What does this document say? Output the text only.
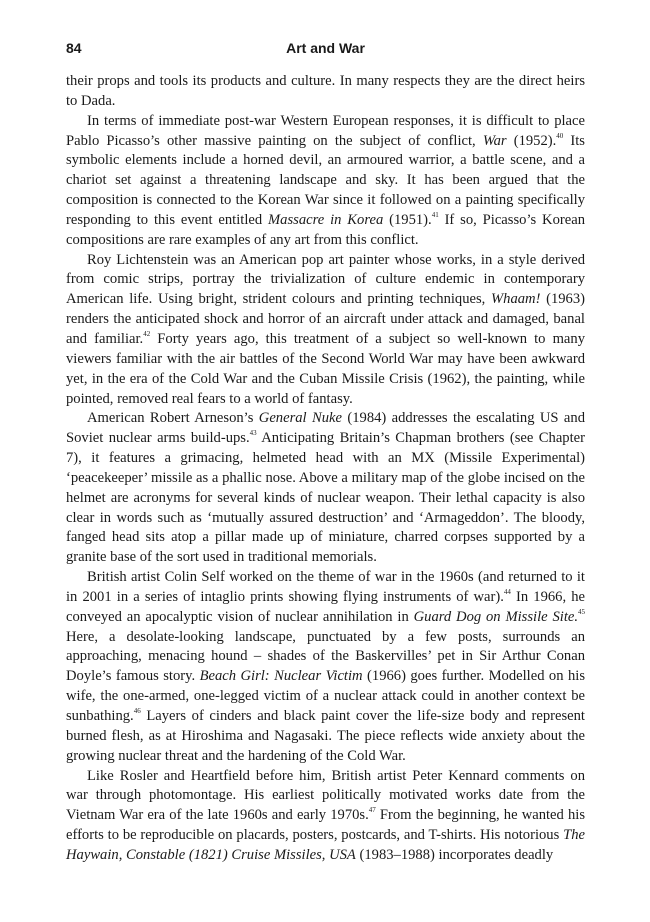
84	Art and War

their props and tools its products and culture. In many respects they are the direct heirs to Dada.

In terms of immediate post-war Western European responses, it is difficult to place Pablo Picasso’s other massive painting on the subject of conflict, War (1952).$^{40}$ Its symbolic elements include a horned devil, an armoured warrior, a battle scene, and a chariot set against a threatening landscape and sky. It has been argued that the composition is connected to the Korean War since it followed on a painting specifically responding to this event entitled Massacre in Korea (1951).$^{41}$ If so, Picasso’s Korean compositions are rare examples of any art from this conflict.

Roy Lichtenstein was an American pop art painter whose works, in a style derived from comic strips, portray the trivialization of culture endemic in contemporary American life. Using bright, strident colours and printing techniques, Whaam! (1963) renders the anticipated shock and horror of an aircraft under attack and damaged, banal and familiar.$^{42}$ Forty years ago, this treatment of a subject so well-known to many viewers familiar with the air battles of the Second World War may have been awkward yet, in the era of the Cold War and the Cuban Missile Crisis (1962), the painting, while pointed, removed real fears to a world of fantasy.

American Robert Arneson’s General Nuke (1984) addresses the escalating US and Soviet nuclear arms build-ups.$^{43}$ Anticipating Britain’s Chapman brothers (see Chapter 7), it features a grimacing, helmeted head with an MX (Missile Experimental) ‘peacekeeper’ missile as a phallic nose. Above a military map of the globe incised on the helmet are acronyms for several kinds of nuclear weapon. Their lethal capacity is also clear in words such as ‘mutually assured destruction’ and ‘Armageddon’. The bloody, fanged head sits atop a pillar made up of miniature, charred corpses supported by a granite base of the sort used in traditional memorials.

British artist Colin Self worked on the theme of war in the 1960s (and returned to it in 2001 in a series of intaglio prints showing flying instruments of war).$^{44}$ In 1966, he conveyed an apocalyptic vision of nuclear annihilation in Guard Dog on Missile Site.$^{45}$ Here, a desolate-looking landscape, punctuated by a few posts, surrounds an approaching, menacing hound – shades of the Baskervilles’ pet in Sir Arthur Conan Doyle’s famous story. Beach Girl: Nuclear Victim (1966) goes further. Modelled on his wife, the one-armed, one-legged victim of a nuclear attack could in another context be sunbathing.$^{46}$ Layers of cinders and black paint cover the life-size body and represent burned flesh, as at Hiroshima and Nagasaki. The piece reflects wide anxiety about the growing nuclear threat and the hardening of the Cold War.

Like Rosler and Heartfield before him, British artist Peter Kennard comments on war through photomontage. His earliest politically motivated works date from the Vietnam War era of the late 1960s and early 1970s.$^{47}$ From the beginning, he wanted his efforts to be reproducible on placards, posters, postcards, and T-shirts. His notorious The Haywain, Constable (1821) Cruise Missiles, USA (1983–1988) incorporates deadly
